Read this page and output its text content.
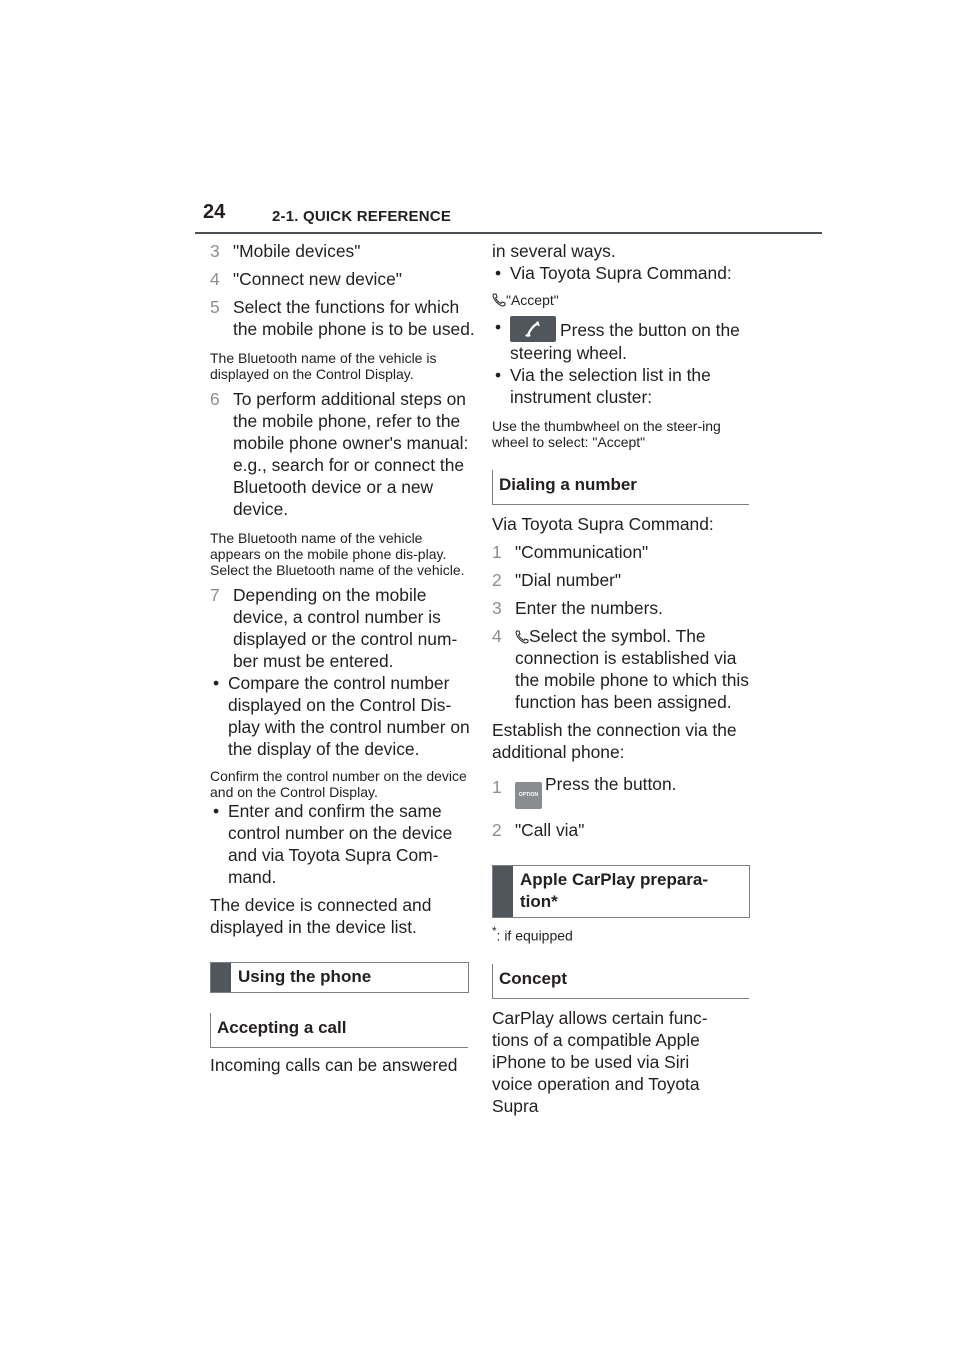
24	2-1. QUICK REFERENCE
3 "Mobile devices"
4 "Connect new device"
5 Select the functions for which the mobile phone is to be used.

The Bluetooth name of the vehicle is displayed on the Control Display.

6 To perform additional steps on the mobile phone, refer to the mobile phone owner's manual: e.g., search for or connect the Bluetooth device or a new device.

The Bluetooth name of the vehicle appears on the mobile phone dis-play. Select the Bluetooth name of the vehicle.

7 Depending on the mobile device, a control number is displayed or the control num-ber must be entered.
• Compare the control number displayed on the Control Dis-play with the control number on the display of the device.

Confirm the control number on the device and on the Control Display.

• Enter and confirm the same control number on the device and via Toyota Supra Com-mand.

The device is connected and displayed in the device list.

Using the phone
Accepting a call

Incoming calls can be answered

in several ways.

• Via Toyota Supra Command:

"Accept"

• Press the button on the steering wheel.
• Via the selection list in the instrument cluster:

Use the thumbwheel on the steer-ing wheel to select: "Accept"

Dialing a number

Via Toyota Supra Command:

1 "Communication"
2 "Dial number"
3 Enter the numbers.
4 Select the symbol. The connection is established via the mobile phone to which this function has been assigned.

Establish the connection via the additional phone:

1	OPTIONPress the button.
2 "Call via"
Apple CarPlay prepara-tion*

*: if equipped

Concept

CarPlay allows certain func-tions of a compatible Apple iPhone to be used via Siri voice operation and Toyota Supra
